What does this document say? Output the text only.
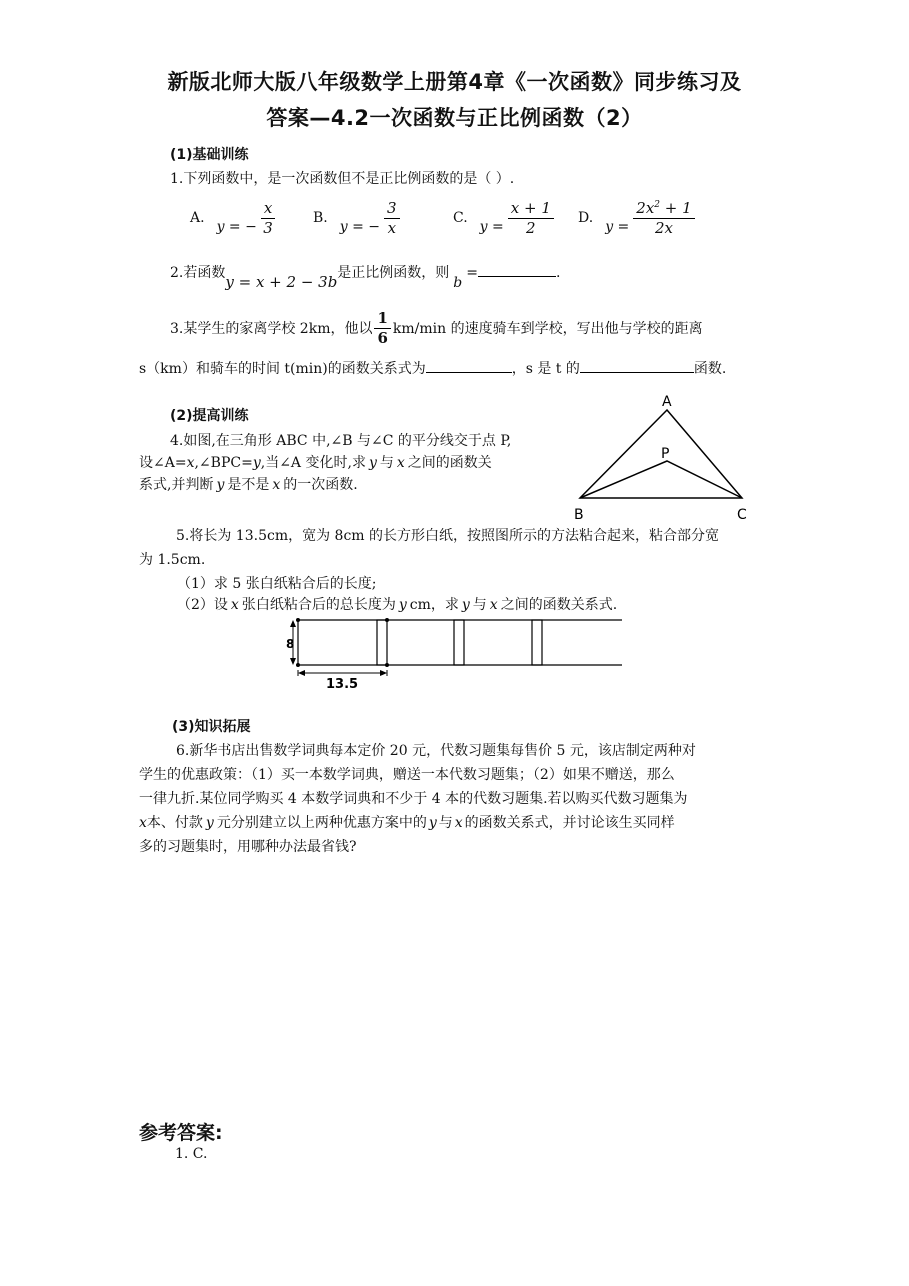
新版北师大版八年级数学上册第4章《一次函数》同步练习及
答案—4.2一次函数与正比例函数（2）
(1)基础训练
1.下列函数中，是一次函数但不是正比例函数的是（ ）.
A.
y = − $\frac{x}{3}$	B.
y = − $\frac{3}{x}$	C.
$y = \frac{x + 1}{2} D$.
$y = \frac{2x^2 + 1}{2x}$
2.若函数y = x + 2 − 3b是正比例函数，则b=	.
3.某学生的家离学校 2km，他以 $\frac{1}{6} km/\min$ 的速度骑车到学校，写出他与学校的距离
s（km）和骑车的时间 t(min)的函数关系式为	，s 是 t 的	函数.
(2)提高训练
4.如图,在三角形 ABC 中,∠B 与∠C 的平分线交于点 P,
设∠A=x,∠BPC=y,当∠A 变化时,求 y 与 x 之间的函数关
系式,并判断 y 是不是 x 的一次函数.
A
P
B	C
5.将长为 13.5cm，宽为 8cm 的长方形白纸，按照图所示的方法粘合起来，粘合部分宽
为 1.5cm.
（1）求 5 张白纸粘合后的长度;
（2）设 x 张白纸粘合后的总长度为 y cm，求 y 与 x 之间的函数关系式.
8
13.5
(3)知识拓展
6.新华书店出售数学词典每本定价 20 元，代数习题集每售价 5 元，该店制定两种对
学生的优惠政策：（1）买一本数学词典，赠送一本代数习题集；（2）如果不赠送，那么
一律九折.某位同学购买 4 本数学词典和不少于 4 本的代数习题集.若以购买代数习题集为
x本、付款 y 元分别建立以上两种优惠方案中的 y 与 x 的函数关系式，并讨论该生买同样
多的习题集时，用哪种办法最省钱?
参考答案:
1. C.
